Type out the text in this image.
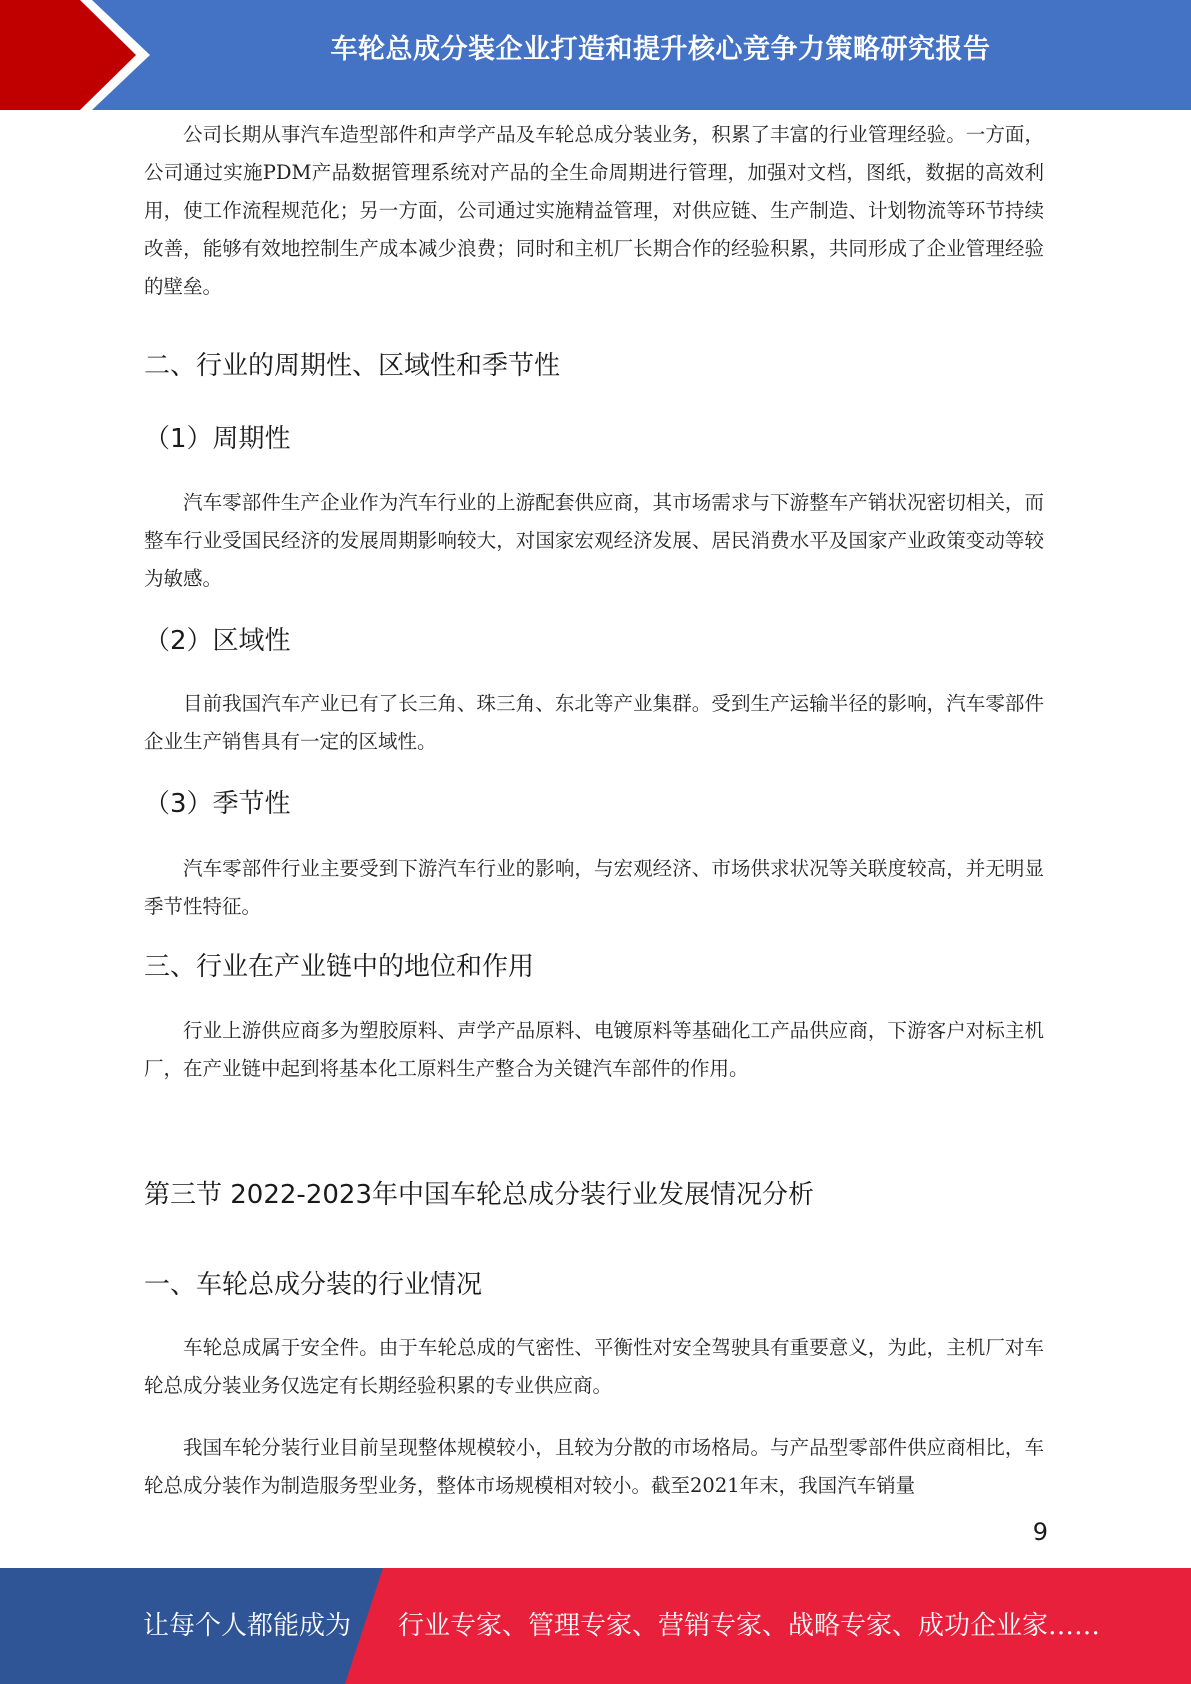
车轮总成分装企业打造和提升核心竞争力策略研究报告

公司长期从事汽车造型部件和声学产品及车轮总成分装业务，积累了丰富的行业管理经验。一方面，公司通过实施PDM产品数据管理系统对产品的全生命周期进行管理，加强对文档，图纸，数据的高效利用，使工作流程规范化；另一方面，公司通过实施精益管理，对供应链、生产制造、计划物流等环节持续改善，能够有效地控制生产成本减少浪费；同时和主机厂长期合作的经验积累，共同形成了企业管理经验的壁垒。

二、行业的周期性、区域性和季节性
（1）周期性

汽车零部件生产企业作为汽车行业的上游配套供应商，其市场需求与下游整车产销状况密切相关，而整车行业受国民经济的发展周期影响较大，对国家宏观经济发展、居民消费水平及国家产业政策变动等较为敏感。

（2）区域性

目前我国汽车产业已有了长三角、珠三角、东北等产业集群。受到生产运输半径的影响，汽车零部件企业生产销售具有一定的区域性。

（3）季节性

汽车零部件行业主要受到下游汽车行业的影响，与宏观经济、市场供求状况等关联度较高，并无明显季节性特征。

三、行业在产业链中的地位和作用

行业上游供应商多为塑胶原料、声学产品原料、电镀原料等基础化工产品供应商，下游客户对标主机厂，在产业链中起到将基本化工原料生产整合为关键汽车部件的作用。

第三节 2022-2023年中国车轮总成分装行业发展情况分析
一、车轮总成分装的行业情况

车轮总成属于安全件。由于车轮总成的气密性、平衡性对安全驾驶具有重要意义，为此，主机厂对车轮总成分装业务仅选定有长期经验积累的专业供应商。

我国车轮分装行业目前呈现整体规模较小，且较为分散的市场格局。与产品型零部件供应商相比，车轮总成分装作为制造服务型业务，整体市场规模相对较小。截至2021年末，我国汽车销量

9
让每个人都能成为 行业专家、管理专家、营销专家、战略专家、成功企业家……
